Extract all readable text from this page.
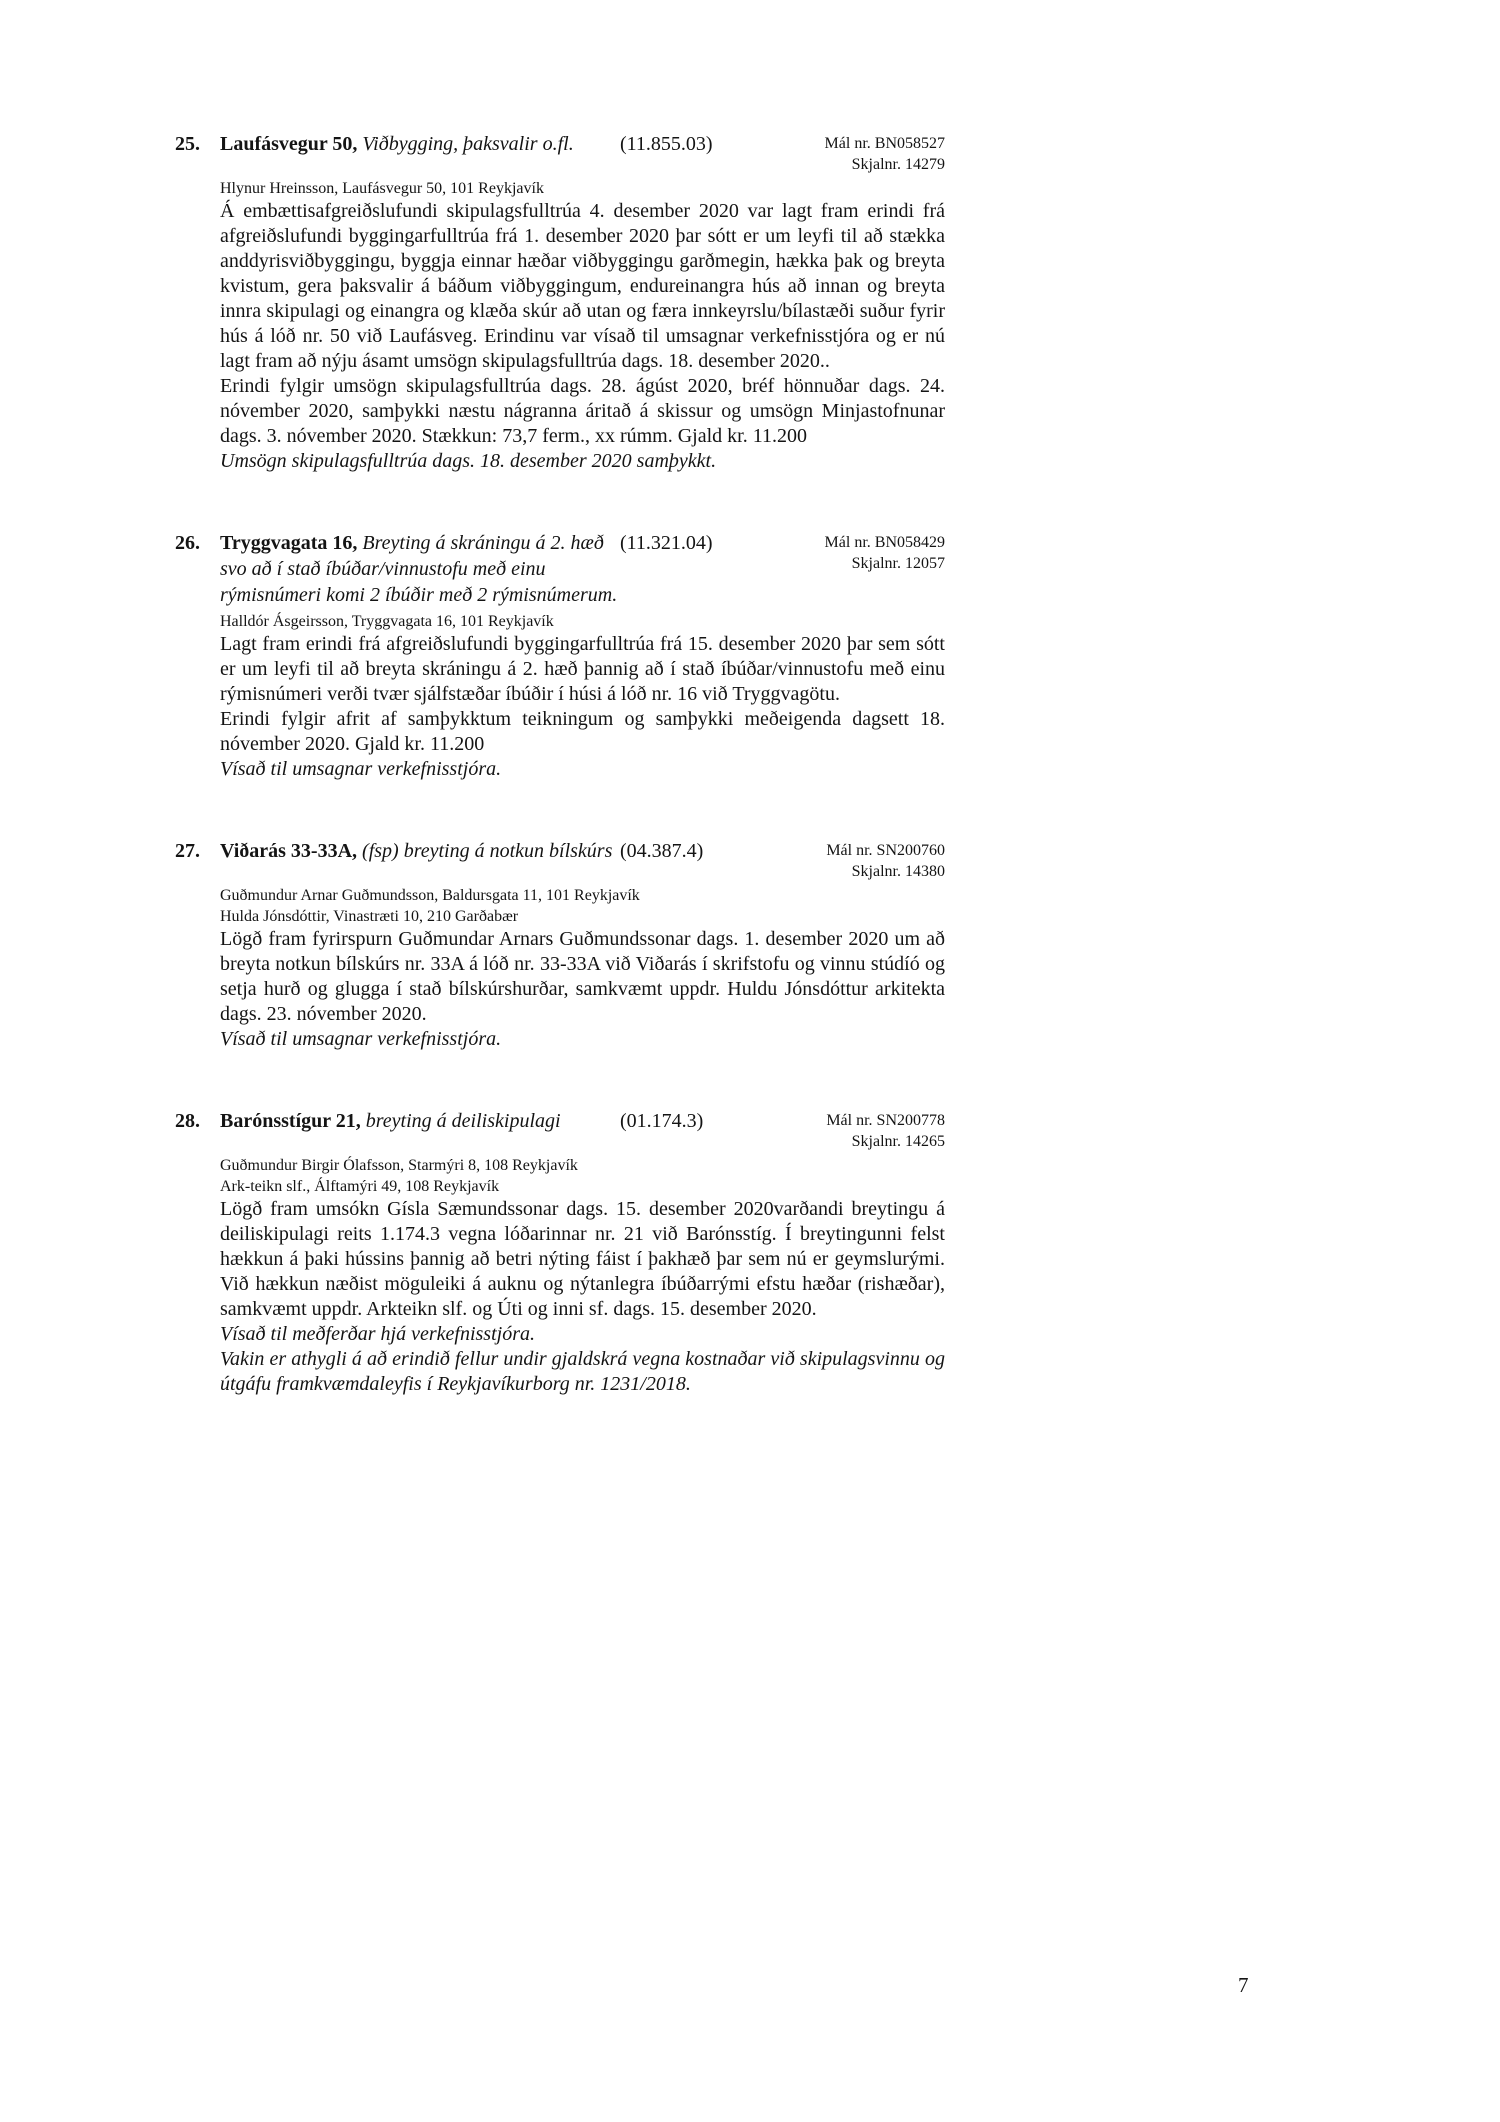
25.	Laufásvegur 50, Viðbygging, þaksvalir o.fl.	(11.855.03)	Mál nr. BN058527
Skjalnr. 14279
Hlynur Hreinsson, Laufásvegur 50, 101 Reykjavík

Á embættisafgreiðslufundi skipulagsfulltrúa 4. desember 2020 var lagt fram erindi frá afgreiðslufundi byggingarfulltrúa frá 1. desember 2020 þar sótt er um leyfi til að stækka anddyrisviðbyggingu, byggja einnar hæðar viðbyggingu garðmegin, hækka þak og breyta kvistum, gera þaksvalir á báðum viðbyggingum, endureinangra hús að innan og breyta innra skipulagi og einangra og klæða skúr að utan og færa innkeyrslu/bílastæði suður fyrir hús á lóð nr. 50 við Laufásveg. Erindinu var vísað til umsagnar verkefnisstjóra og er nú lagt fram að nýju ásamt umsögn skipulagsfulltrúa dags. 18. desember 2020..

Erindi fylgir umsögn skipulagsfulltrúa dags. 28. ágúst 2020, bréf hönnuðar dags. 24. nóvember 2020, samþykki næstu nágranna áritað á skissur og umsögn Minjastofnunar dags. 3. nóvember 2020. Stækkun: 73,7 ferm., xx rúmm. Gjald kr. 11.200

Umsögn skipulagsfulltrúa dags. 18. desember 2020 samþykkt.

26.	Tryggvagata 16, Breyting á skráningu á 2. hæð svo að í stað íbúðar/vinnustofu með einu rýmisnúmeri komi 2 íbúðir með 2 rýmisnúmerum.
(11.321.04)	Mál nr. BN058429
Skjalnr. 12057
Halldór Ásgeirsson, Tryggvagata 16, 101 Reykjavík

Lagt fram erindi frá afgreiðslufundi byggingarfulltrúa frá 15. desember 2020 þar sem sótt er um leyfi til að breyta skráningu á 2. hæð þannig að í stað íbúðar/vinnustofu með einu rýmisnúmeri verði tvær sjálfstæðar íbúðir í húsi á lóð nr. 16 við Tryggvagötu.

Erindi fylgir afrit af samþykktum teikningum og samþykki meðeigenda dagsett 18. nóvember 2020. Gjald kr. 11.200

Vísað til umsagnar verkefnisstjóra.

27.	Viðarás 33-33A, (fsp) breyting á notkun bílskúrs (04.387.4)	Mál nr. SN200760
Skjalnr. 14380
Guðmundur Arnar Guðmundsson, Baldursgata 11, 101 Reykjavík
Hulda Jónsdóttir, Vinastræti 10, 210 Garðabær

Lögð fram fyrirspurn Guðmundar Arnars Guðmundssonar dags. 1. desember 2020 um að breyta notkun bílskúrs nr. 33A á lóð nr. 33-33A við Viðarás í skrifstofu og vinnu stúdíó og setja hurð og glugga í stað bílskúrshurðar, samkvæmt uppdr. Huldu Jónsdóttur arkitekta dags. 23. nóvember 2020.

Vísað til umsagnar verkefnisstjóra.

28.	Barónsstígur 21, breyting á deiliskipulagi	(01.174.3)	Mál nr. SN200778
Skjalnr. 14265
Guðmundur Birgir Ólafsson, Starmýri 8, 108 Reykjavík
Ark-teikn slf., Álftamýri 49, 108 Reykjavík

Lögð fram umsókn Gísla Sæmundssonar dags. 15. desember 2020varðandi breytingu á deiliskipulagi reits 1.174.3 vegna lóðarinnar nr. 21 við Barónsstíg. Í breytingunni felst hækkun á þaki hússins þannig að betri nýting fáist í þakhæð þar sem nú er geymslurými. Við hækkun næðist möguleiki á auknu og nýtanlegra íbúðarrými efstu hæðar (rishæðar), samkvæmt uppdr. Arkteikn slf. og Úti og inni sf. dags. 15. desember 2020.

Vísað til meðferðar hjá verkefnisstjóra.

Vakin er athygli á að erindið fellur undir gjaldskrá vegna kostnaðar við skipulagsvinnu og útgáfu framkvæmdaleyfis í Reykjavíkurborg nr. 1231/2018.

7
